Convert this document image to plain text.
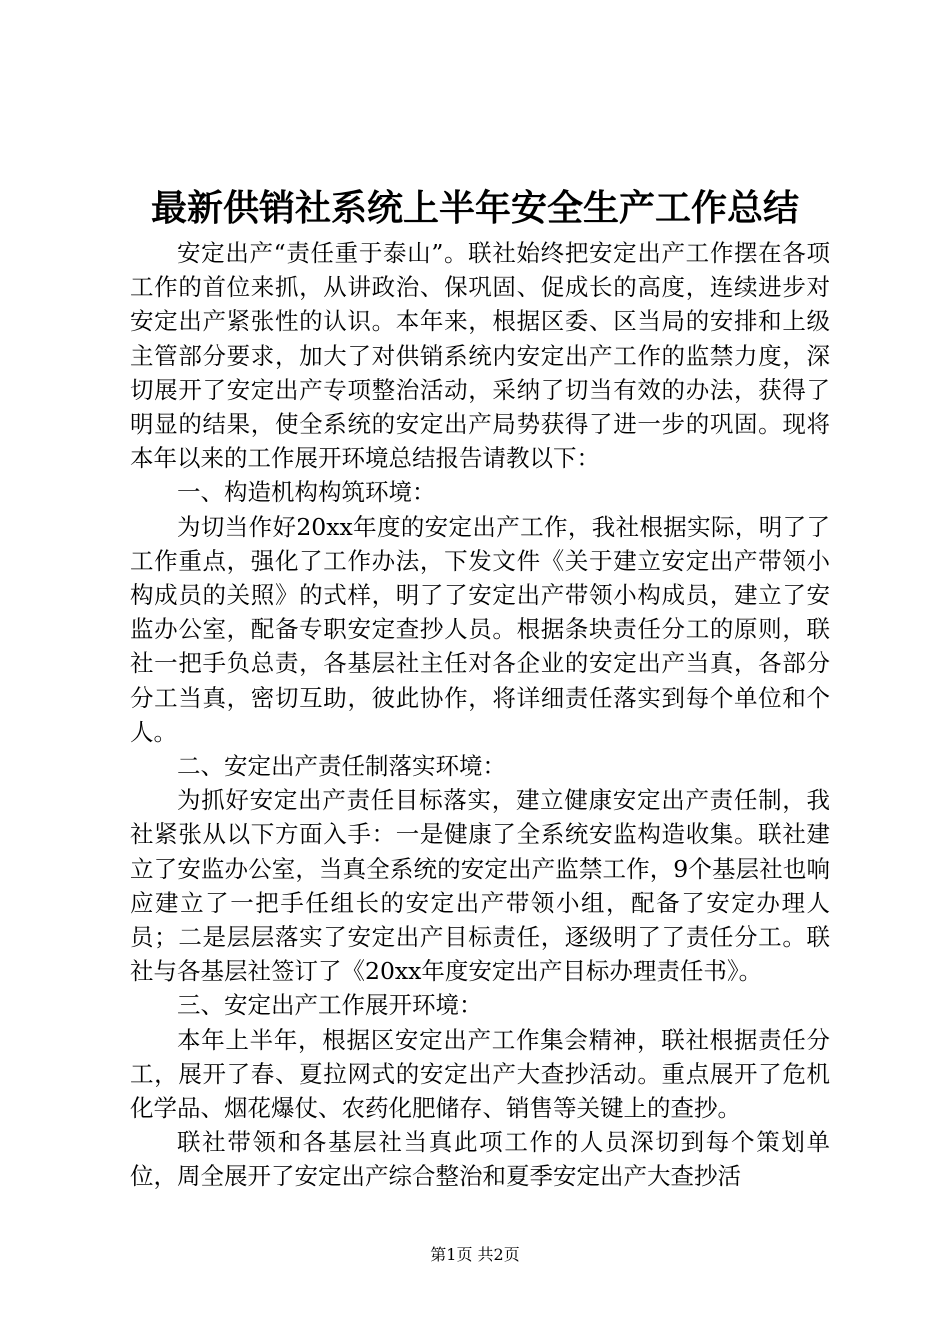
最新供销社系统上半年安全生产工作总结

安定出产“责任重于泰山”。联社始终把安定出产工作摆在各项工作的首位来抓，从讲政治、保巩固、促成长的高度，连续进步对安定出产紧张性的认识。本年来，根据区委、区当局的安排和上级主管部分要求，加大了对供销系统内安定出产工作的监禁力度，深切展开了安定出产专项整治活动，采纳了切当有效的办法，获得了明显的结果，使全系统的安定出产局势获得了进一步的巩固。现将本年以来的工作展开环境总结报告请教以下：

一、构造机构构筑环境：

为切当作好20xx年度的安定出产工作，我社根据实际，明了了工作重点，强化了工作办法，下发文件《关于建立安定出产带领小构成员的关照》的式样，明了了安定出产带领小构成员，建立了安监办公室，配备专职安定查抄人员。根据条块责任分工的原则，联社一把手负总责，各基层社主任对各企业的安定出产当真，各部分分工当真，密切互助，彼此协作，将详细责任落实到每个单位和个人。

二、安定出产责任制落实环境：

为抓好安定出产责任目标落实，建立健康安定出产责任制，我社紧张从以下方面入手：一是健康了全系统安监构造收集。联社建立了安监办公室，当真全系统的安定出产监禁工作，9个基层社也响应建立了一把手任组长的安定出产带领小组，配备了安定办理人员；二是层层落实了安定出产目标责任，逐级明了了责任分工。联社与各基层社签订了《20xx年度安定出产目标办理责任书》。

三、安定出产工作展开环境：

本年上半年，根据区安定出产工作集会精神，联社根据责任分工，展开了春、夏拉网式的安定出产大查抄活动。重点展开了危机化学品、烟花爆仗、农药化肥储存、销售等关键上的查抄。

联社带领和各基层社当真此项工作的人员深切到每个策划单位，周全展开了安定出产综合整治和夏季安定出产大查抄活

第1页 共2页
